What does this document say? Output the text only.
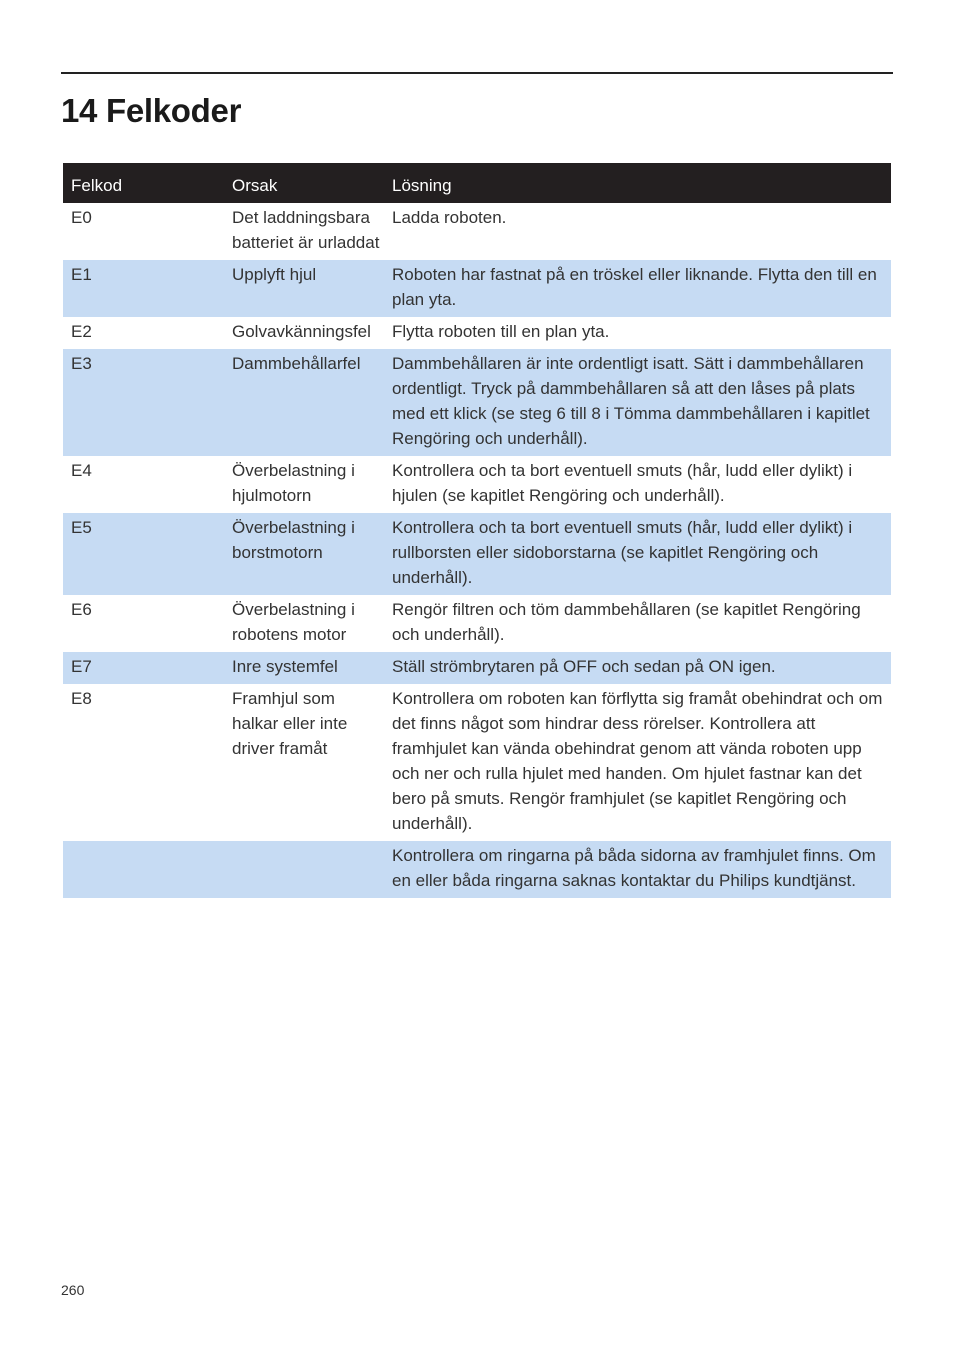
14 Felkoder
Felkod	Orsak	Lösning
E0	Det laddningsbara batteriet är urladdat	Ladda roboten.
E1	Upplyft hjul	Roboten har fastnat på en tröskel eller liknande. Flytta den till en plan yta.
E2	Golvavkänningsfel	Flytta roboten till en plan yta.
E3	Dammbehållarfel	Dammbehållaren är inte ordentligt isatt. Sätt i dammbehållaren ordentligt. Tryck på dammbehållaren så att den låses på plats med ett klick (se steg 6 till 8 i Tömma dammbehållaren i kapitlet Rengöring och underhåll).
E4	Överbelastning i hjulmotorn	Kontrollera och ta bort eventuell smuts (hår, ludd eller dylikt) i hjulen (se kapitlet Rengöring och underhåll).
E5	Överbelastning i borstmotorn	Kontrollera och ta bort eventuell smuts (hår, ludd eller dylikt) i rullborsten eller sidoborstarna (se kapitlet Rengöring och underhåll).
E6	Överbelastning i robotens motor	Rengör filtren och töm dammbehållaren (se kapitlet Rengöring och underhåll).
E7	Inre systemfel	Ställ strömbrytaren på OFF och sedan på ON igen.
E8	Framhjul som halkar eller inte driver framåt	Kontrollera om roboten kan förflytta sig framåt obehindrat och om det finns något som hindrar dess rörelser. Kontrollera att framhjulet kan vända obehindrat genom att vända roboten upp och ner och rulla hjulet med handen. Om hjulet fastnar kan det bero på smuts. Rengör framhjulet (se kapitlet Rengöring och underhåll).
		Kontrollera om ringarna på båda sidorna av framhjulet finns. Om en eller båda ringarna saknas kontaktar du Philips kundtjänst.
260
